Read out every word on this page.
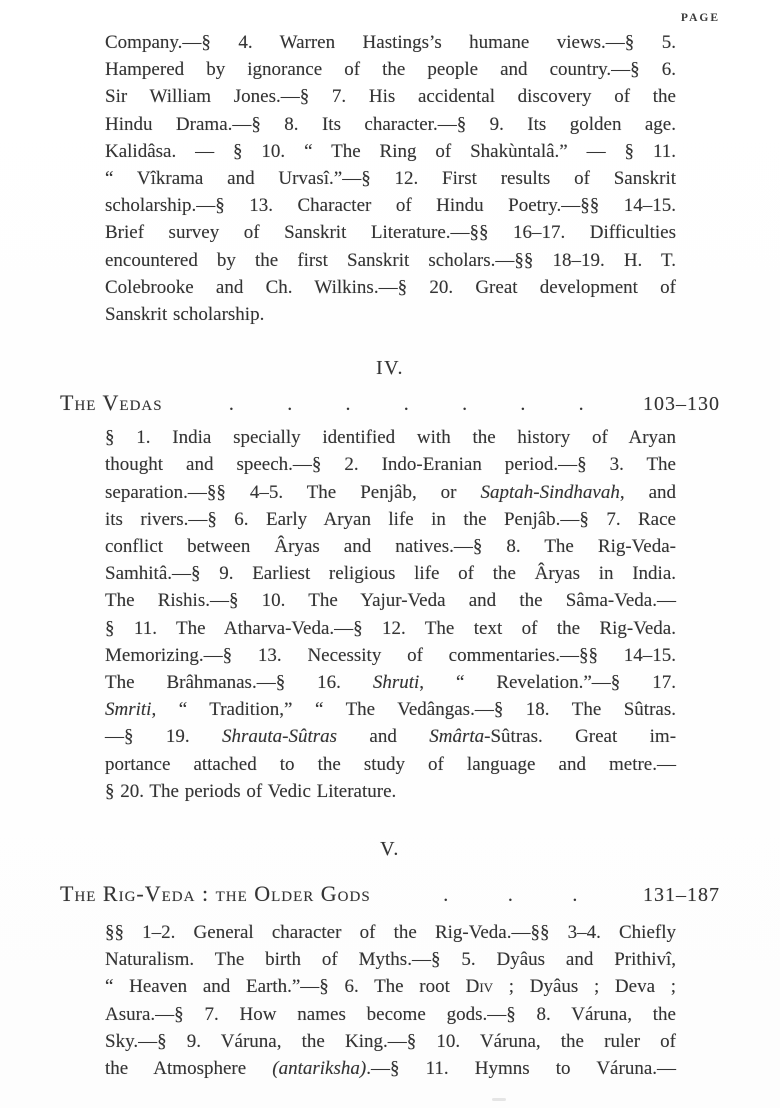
PAGE
Company.—§ 4. Warren Hastings’s humane views.—§ 5.
Hampered by ignorance of the people and country.—§ 6.
Sir William Jones.—§ 7. His accidental discovery of the
Hindu Drama.—§ 8. Its character.—§ 9. Its golden age.
Kalidâsa. — § 10. “ The Ring of Shakùntalâ.” — § 11.
“ Vîkrama and Urvasî.”—§ 12. First results of Sanskrit
scholarship.—§ 13. Character of Hindu Poetry.—§§ 14–15.
Brief survey of Sanskrit Literature.—§§ 16–17. Difficulties
encountered by the first Sanskrit scholars.—§§ 18–19. H. T.
Colebrooke and Ch. Wilkins.—§ 20. Great development of
Sanskrit scholarship.
IV.
The Vedas	.	.	.	.	.	.	.	103–130
§ 1. India specially identified with the history of Aryan
thought and speech.—§ 2. Indo-Eranian period.—§ 3. The
separation.—§§ 4–5. The Penjâb, or Saptah-Sindhavah, and
its rivers.—§ 6. Early Aryan life in the Penjâb.—§ 7. Race
conflict between Âryas and natives.—§ 8. The Rig-Veda-
Samhitâ.—§ 9. Earliest religious life of the Âryas in India.
The Rishis.—§ 10. The Yajur-Veda and the Sâma-Veda.—
§ 11. The Atharva-Veda.—§ 12. The text of the Rig-Veda.
Memorizing.—§ 13. Necessity of commentaries.—§§ 14–15.
The Brâhmanas.—§ 16. Shruti, “ Revelation.”—§ 17.
Smriti, “ Tradition,” “ The Vedângas.—§ 18. The Sûtras.
—§ 19. Shrauta-Sûtras and Smârta-Sûtras. Great im-
portance attached to the study of language and metre.—
§ 20. The periods of Vedic Literature.
V.
The Rig-Veda : the Older Gods	.	.	.	131–187
§§ 1–2. General character of the Rig-Veda.—§§ 3–4. Chiefly
Naturalism. The birth of Myths.—§ 5. Dyâus and Prithivî,
“ Heaven and Earth.”—§ 6. The root Div ; Dyâus ; Deva ;
Asura.—§ 7. How names become gods.—§ 8. Váruna, the
Sky.—§ 9. Váruna, the King.—§ 10. Váruna, the ruler of
the Atmosphere (antariksha).—§ 11. Hymns to Váruna.—
